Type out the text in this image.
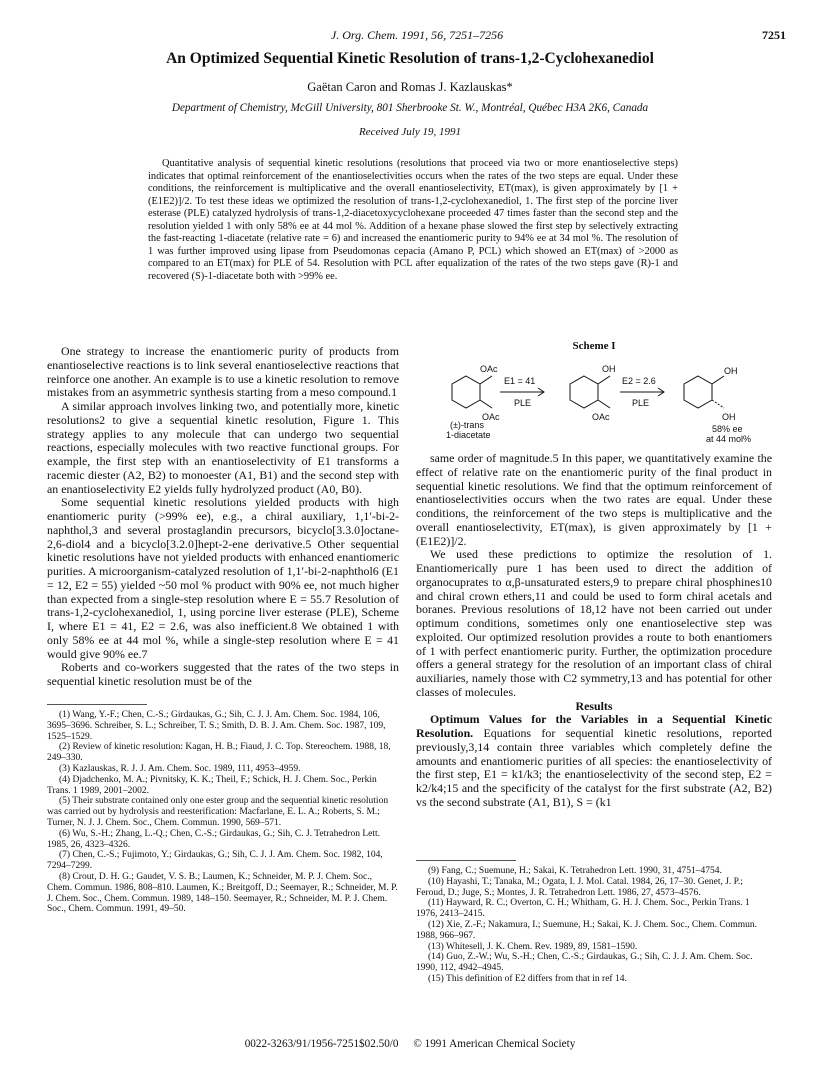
J. Org. Chem. 1991, 56, 7251–7256	7251
An Optimized Sequential Kinetic Resolution of trans-1,2-Cyclohexanediol
Gaëtan Caron and Romas J. Kazlauskas*
Department of Chemistry, McGill University, 801 Sherbrooke St. W., Montréal, Québec H3A 2K6, Canada
Received July 19, 1991
Quantitative analysis of sequential kinetic resolutions (resolutions that proceed via two or more enantioselective steps) indicates that optimal reinforcement of the enantioselectivities occurs when the rates of the two steps are equal. Under these conditions, the reinforcement is multiplicative and the overall enantioselectivity, ET(max), is given approximately by [1 + (E1E2)]/2. To test these ideas we optimized the resolution of trans-1,2-cyclohexanediol, 1. The first step of the porcine liver esterase (PLE) catalyzed hydrolysis of trans-1,2-diacetoxycyclohexane proceeded 47 times faster than the second step and the resolution yielded 1 with only 58% ee at 44 mol %. Addition of a hexane phase slowed the first step by selectively extracting the fast-reacting 1-diacetate (relative rate = 6) and increased the enantiomeric purity to 94% ee at 34 mol %. The resolution of 1 was further improved using lipase from Pseudomonas cepacia (Amano P, PCL) which showed an ET(max) of >2000 as compared to an ET(max) for PLE of 54. Resolution with PCL after equalization of the rates of the two steps gave (R)-1 and recovered (S)-1-diacetate both with >99% ee.

One strategy to increase the enantiomeric purity of products from enantioselective reactions is to link several enantioselective reactions that reinforce one another. An example is to use a kinetic resolution to remove mistakes from an asymmetric synthesis starting from a meso compound.1

A similar approach involves linking two, and potentially more, kinetic resolutions2 to give a sequential kinetic resolution, Figure 1. This strategy applies to any molecule that can undergo two sequential reactions, especially molecules with two reactive functional groups. For example, the first step with an enantioselectivity of E1 transforms a racemic diester (A2, B2) to monoester (A1, B1) and the second step with an enantioselectivity E2 yields fully hydrolyzed product (A0, B0).

Some sequential kinetic resolutions yielded products with high enantiomeric purity (>99% ee), e.g., a chiral auxiliary, 1,1′-bi-2-naphthol,3 and several prostaglandin precursors, bicyclo[3.3.0]octane-2,6-diol4 and a bicyclo[3.2.0]hept-2-ene derivative.5 Other sequential kinetic resolutions have not yielded products with enhanced enantiomeric purities. A microorganism-catalyzed resolution of 1,1′-bi-2-naphthol6 (E1 = 12, E2 = 55) yielded ~50 mol % product with 90% ee, not much higher than expected from a single-step resolution where E = 55.7 Resolution of trans-1,2-cyclohexanediol, 1, using porcine liver esterase (PLE), Scheme I, where E1 = 41, E2 = 2.6, was also inefficient.8 We obtained 1 with only 58% ee at 44 mol %, while a single-step resolution where E = 41 would give 90% ee.7

Roberts and co-workers suggested that the rates of the two steps in sequential kinetic resolution must be of the

Scheme I
OAc
OAc
E1 = 41
PLE
OH
OAc
E2 = 2.6
PLE
OH
OH
(±)-trans
1-diacetate
58% ee
at 44 mol%

same order of magnitude.5 In this paper, we quantitatively examine the effect of relative rate on the enantiomeric purity of the final product in sequential kinetic resolutions. We find that the optimum reinforcement of enantioselectivities occurs when the two rates are equal. Under these conditions, the reinforcement of the two steps is multiplicative and the overall enantioselectivity, ET(max), is given approximately by [1 + (E1E2)]/2.

We used these predictions to optimize the resolution of 1. Enantiomerically pure 1 has been used to direct the addition of organocuprates to α,β-unsaturated esters,9 to prepare chiral phosphines10 and chiral crown ethers,11 and could be used to form chiral acetals and boranes. Previous resolutions of 18,12 have not been carried out under optimum conditions, sometimes only one enantioselective step was exploited. Our optimized resolution provides a route to both enantiomers of 1 with perfect enantiomeric purity. Further, the optimization procedure offers a general strategy for the resolution of an important class of chiral auxiliaries, namely those with C2 symmetry,13 and has potential for other classes of molecules.

Results

Optimum Values for the Variables in a Sequential Kinetic Resolution. Equations for sequential kinetic resolutions, reported previously,3,14 contain three variables which completely define the amounts and enantiomeric purities of all species: the enantioselectivity of the first step, E1 = k1/k3; the enantioselectivity of the second step, E2 = k2/k4;15 and the specificity of the catalyst for the first substrate (A2, B2) vs the second substrate (A1, B1), S = (k1

(1) Wang, Y.-F.; Chen, C.-S.; Girdaukas, G.; Sih, C. J. J. Am. Chem. Soc. 1984, 106, 3695–3696. Schreiber, S. L.; Schreiber, T. S.; Smith, D. B. J. Am. Chem. Soc. 1987, 109, 1525–1529.

(2) Review of kinetic resolution: Kagan, H. B.; Fiaud, J. C. Top. Stereochem. 1988, 18, 249–330.

(3) Kazlauskas, R. J. J. Am. Chem. Soc. 1989, 111, 4953–4959.

(4) Djadchenko, M. A.; Pivnitsky, K. K.; Theil, F.; Schick, H. J. Chem. Soc., Perkin Trans. 1 1989, 2001–2002.

(5) Their substrate contained only one ester group and the sequential kinetic resolution was carried out by hydrolysis and reesterification: Macfarlane, E. L. A.; Roberts, S. M.; Turner, N. J. J. Chem. Soc., Chem. Commun. 1990, 569–571.

(6) Wu, S.-H.; Zhang, L.-Q.; Chen, C.-S.; Girdaukas, G.; Sih, C. J. Tetrahedron Lett. 1985, 26, 4323–4326.

(7) Chen, C.-S.; Fujimoto, Y.; Girdaukas, G.; Sih, C. J. J. Am. Chem. Soc. 1982, 104, 7294–7299.

(8) Crout, D. H. G.; Gaudet, V. S. B.; Laumen, K.; Schneider, M. P. J. Chem. Soc., Chem. Commun. 1986, 808–810. Laumen, K.; Breitgoff, D.; Seemayer, R.; Schneider, M. P. J. Chem. Soc., Chem. Commun. 1989, 148–150. Seemayer, R.; Schneider, M. P. J. Chem. Soc., Chem. Commun. 1991, 49–50.

(9) Fang, C.; Suemune, H.; Sakai, K. Tetrahedron Lett. 1990, 31, 4751–4754.

(10) Hayashi, T.; Tanaka, M.; Ogata, I. J. Mol. Catal. 1984, 26, 17–30. Genet, J. P.; Feroud, D.; Juge, S.; Montes, J. R. Tetrahedron Lett. 1986, 27, 4573–4576.

(11) Hayward, R. C.; Overton, C. H.; Whitham, G. H. J. Chem. Soc., Perkin Trans. 1 1976, 2413–2415.

(12) Xie, Z.-F.; Nakamura, I.; Suemune, H.; Sakai, K. J. Chem. Soc., Chem. Commun. 1988, 966–967.

(13) Whitesell, J. K. Chem. Rev. 1989, 89, 1581–1590.

(14) Guo, Z.-W.; Wu, S.-H.; Chen, C.-S.; Girdaukas, G.; Sih, C. J. J. Am. Chem. Soc. 1990, 112, 4942–4945.

(15) This definition of E2 differs from that in ref 14.

0022-3263/91/1956-7251$02.50/0 © 1991 American Chemical Society
